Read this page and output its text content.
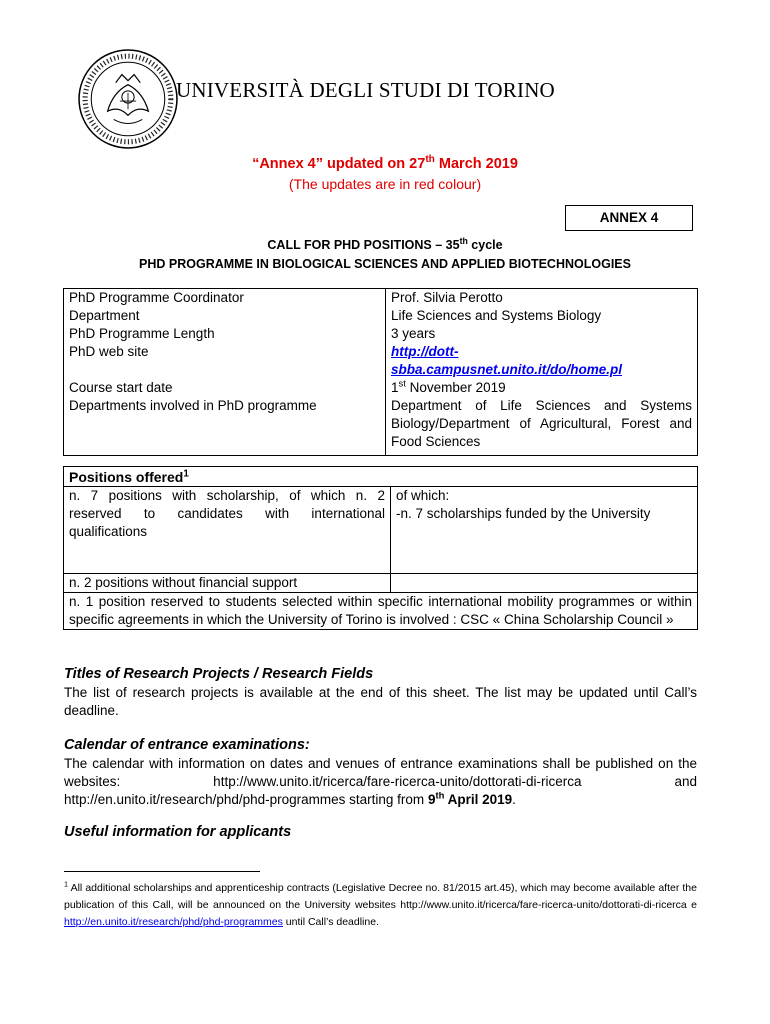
UNIVERSITÀ DEGLI STUDI DI TORINO
“Annex 4” updated on 27th March 2019
(The updates are in red colour)
ANNEX 4
CALL FOR PHD POSITIONS – 35th cycle
PHD PROGRAMME IN BIOLOGICAL SCIENCES AND APPLIED BIOTECHNOLOGIES
PhD Programme Coordinator	Prof. Silvia Perotto
Department	Life Sciences and Systems Biology
PhD Programme Length	3 years
PhD web site	http://dott-
sbba.campusnet.unito.it/do/home.pl
Course start date	1st November 2019
Departments involved in PhD programme	Department of Life Sciences and Systems Biology/Department of Agricultural, Forest and Food Sciences
Positions offered$^1$
n. 7 positions with scholarship, of which n. 2 reserved to candidates with international qualifications	of which:
-n. 7 scholarships funded by the University

n. 2 positions without financial support	
n. 1 position reserved to students selected within specific international mobility programmes or within specific agreements in which the University of Torino is involved : CSC « China Scholarship Council »	
Titles of Research Projects / Research Fields
The list of research projects is available at the end of this sheet. The list may be updated until Call’s deadline.
Calendar of entrance examinations:
The calendar with information on dates and venues of entrance examinations shall be published on the websites: http://www.unito.it/ricerca/fare-ricerca-unito/dottorati-di-ricerca and http://en.unito.it/research/phd/phd-programmes starting from 9th April 2019.
Useful information for applicants
$^1$ All additional scholarships and apprenticeship contracts (Legislative Decree no. 81/2015 art.45), which may become available after the publication of this Call, will be announced on the University websites http://www.unito.it/ricerca/fare-ricerca-unito/dottorati-di-ricerca e http://en.unito.it/research/phd/phd-programmes until Call’s deadline.
